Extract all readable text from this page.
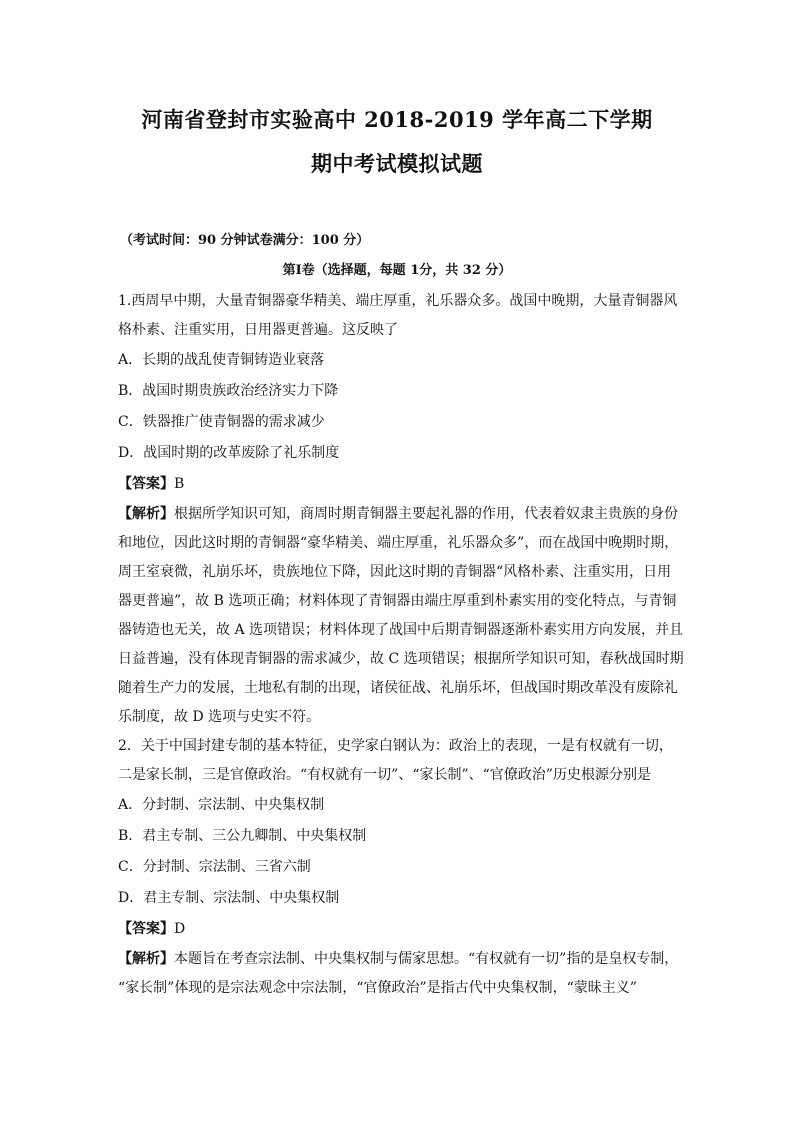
河南省登封市实验高中 2018-2019 学年高二下学期
期中考试模拟试题
（考试时间：90 分钟试卷满分：100 分）
第Ⅰ卷（选择题，每题 1分，共 32 分）
1.西周早中期，大量青铜器豪华精美、端庄厚重，礼乐器众多。战国中晚期，大量青铜器风
格朴素、注重实用，日用器更普遍。这反映了
A．长期的战乱使青铜铸造业衰落
B．战国时期贵族政治经济实力下降
C．铁器推广使青铜器的需求减少
D．战国时期的改革废除了礼乐制度
【答案】B
【解析】根据所学知识可知，商周时期青铜器主要起礼器的作用，代表着奴隶主贵族的身份
和地位，因此这时期的青铜器“豪华精美、端庄厚重，礼乐器众多”，而在战国中晚期时期，
周王室衰微，礼崩乐坏，贵族地位下降，因此这时期的青铜器“风格朴素、注重实用，日用
器更普遍”，故 B 选项正确；材料体现了青铜器由端庄厚重到朴素实用的变化特点，与青铜
器铸造也无关，故 A 选项错误；材料体现了战国中后期青铜器逐渐朴素实用方向发展，并且
日益普遍，没有体现青铜器的需求减少，故 C 选项错误；根据所学知识可知，春秋战国时期
随着生产力的发展，土地私有制的出现，诸侯征战、礼崩乐坏，但战国时期改革没有废除礼
乐制度，故 D 选项与史实不符。
2．关于中国封建专制的基本特征，史学家白钢认为：政治上的表现，一是有权就有一切，
二是家长制，三是官僚政治。“有权就有一切”、“家长制”、“官僚政治”历史根源分别是
A．分封制、宗法制、中央集权制
B．君主专制、三公九卿制、中央集权制
C．分封制、宗法制、三省六制
D．君主专制、宗法制、中央集权制
【答案】D
【解析】本题旨在考查宗法制、中央集权制与儒家思想。“有权就有一切”指的是皇权专制，
“家长制”体现的是宗法观念中宗法制，“官僚政治”是指古代中央集权制，“蒙昧主义”
